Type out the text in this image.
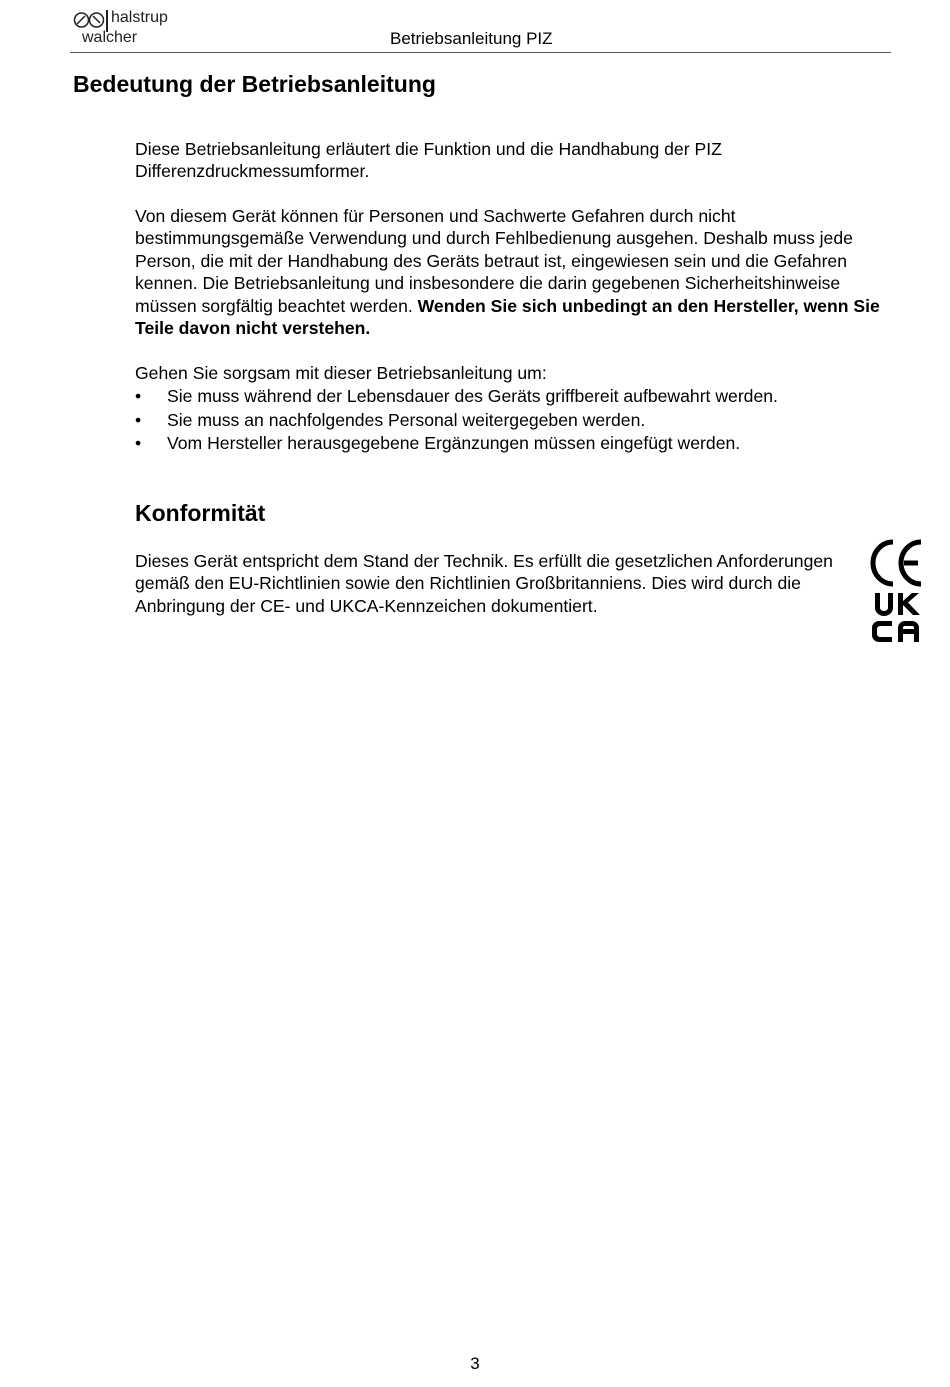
halstrup
walcher	Betriebsanleitung PIZ
Bedeutung der Betriebsanleitung

Diese Betriebsanleitung erläutert die Funktion und die Handhabung der PIZ Differenzdruckmessumformer.

Von diesem Gerät können für Personen und Sachwerte Gefahren durch nicht bestimmungsgemäße Verwendung und durch Fehlbedienung ausgehen. Deshalb muss jede Person, die mit der Handhabung des Geräts betraut ist, eingewiesen sein und die Gefahren kennen. Die Betriebsanleitung und insbesondere die darin gegebenen Sicherheitshinweise müssen sorgfältig beachtet werden. Wenden Sie sich unbedingt an den Hersteller, wenn Sie Teile davon nicht verstehen.

Gehen Sie sorgsam mit dieser Betriebsanleitung um:

• Sie muss während der Lebensdauer des Geräts griffbereit aufbewahrt werden.
• Sie muss an nachfolgendes Personal weitergegeben werden.
• Vom Hersteller herausgegebene Ergänzungen müssen eingefügt werden.
Konformität

Dieses Gerät entspricht dem Stand der Technik. Es erfüllt die gesetzlichen Anforderungen gemäß den EU-Richtlinien sowie den Richtlinien Großbritanniens. Dies wird durch die Anbringung der CE- und UKCA-Kennzeichen dokumentiert.

3
